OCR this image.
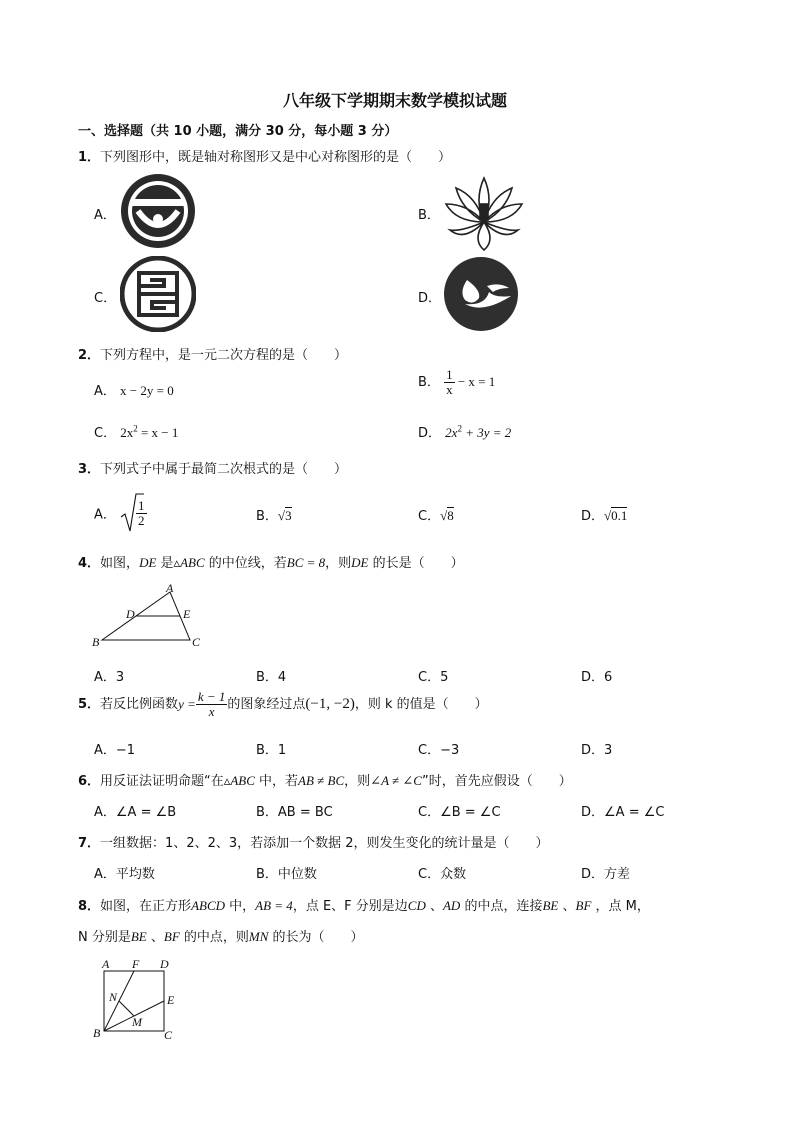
八年级下学期期末数学模拟试题
一、选择题（共 10 小题，满分 30 分，每小题 3 分）
1．下列图形中，既是轴对称图形又是中心对称图形的是（　　）
A．	B．
C．	D．
2．下列方程中，是一元二次方程的是（　　）
A． x − 2y = 0
B． $\frac{1}{x} - x = 1$
C． $2x^2 = x - 1$	D． $2x^2 + 3y = 2$
3．下列式子中属于最简二次根式的是（　　）
A． $\frac{1}{2}$	B．√3	C．√8	D．√0.1
4．如图，DE 是▵ABC 的中位线，若BC = 8，则DE 的长是（　　）
A
D	E
B	C
A．3	B．4	C．5	D．6
5．若反比例函数$y = \frac{k - 1}{x}$ 的图象经过点(−1, −2)，则 k 的值是（　　）
A．−1	B．1	C．−3	D．3
6．用反证法证明命题“在▵ABC 中，若AB ≠ BC，则∠A ≠ ∠C”时，首先应假设（　　）
A．∠A = ∠B	B．AB = BC	C．∠B = ∠C	D．∠A = ∠C
7．一组数据：1、2、2、3，若添加一个数据 2，则发生变化的统计量是（　　）
A．平均数	B．中位数	C．众数	D．方差
8．如图，在正方形ABCD 中，AB = 4，点 E、F 分别是边CD 、AD 的中点，连接BE 、BF ，点 M，
N 分别是BE 、BF 的中点，则MN 的长为（　　）
A F D
N	E
M
B	C
